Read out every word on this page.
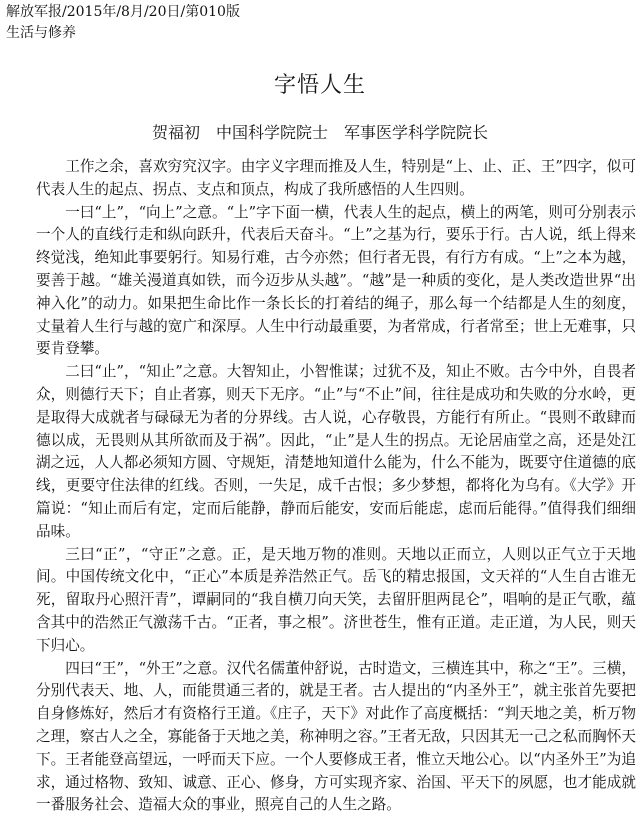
解放军报/2015年/8月/20日/第010版
生活与修养
字悟人生
贺福初　中国科学院院士　军事医学科学院院长

工作之余，喜欢穷究汉字。由字义字理而推及人生，特别是“上、止、正、王”四字，似可代表人生的起点、拐点、支点和顶点，构成了我所感悟的人生四则。

一曰“上”，“向上”之意。“上”字下面一横，代表人生的起点，横上的两笔，则可分别表示一个人的直线行走和纵向跃升，代表后天奋斗。“上”之基为行，要乐于行。古人说，纸上得来终觉浅，绝知此事要躬行。知易行难，古今亦然；但行者无畏，有行方有成。“上”之本为越，要善于越。“雄关漫道真如铁，而今迈步从头越”。“越”是一种质的变化，是人类改造世界“出神入化”的动力。如果把生命比作一条长长的打着结的绳子，那么每一个结都是人生的刻度，丈量着人生行与越的宽广和深厚。人生中行动最重要，为者常成，行者常至；世上无难事，只要肯登攀。

二曰“止”，“知止”之意。大智知止，小智惟谋；过犹不及，知止不败。古今中外，自畏者众，则德行天下；自止者寡，则天下无序。“止”与“不止”间，往往是成功和失败的分水岭，更是取得大成就者与碌碌无为者的分界线。古人说，心存敬畏，方能行有所止。“畏则不敢肆而德以成，无畏则从其所欲而及于祸”。因此，“止”是人生的拐点。无论居庙堂之高，还是处江湖之远，人人都必须知方圆、守规矩，清楚地知道什么能为，什么不能为，既要守住道德的底线，更要守住法律的红线。否则，一失足，成千古恨；多少梦想，都将化为乌有。《大学》开篇说：“知止而后有定，定而后能静，静而后能安，安而后能虑，虑而后能得。”值得我们细细品味。

三曰“正”，“守正”之意。正，是天地万物的准则。天地以正而立，人则以正气立于天地间。中国传统文化中，“正心”本质是养浩然正气。岳飞的精忠报国，文天祥的“人生自古谁无死，留取丹心照汗青”，谭嗣同的“我自横刀向天笑，去留肝胆两昆仑”，唱响的是正气歌，蕴含其中的浩然正气激荡千古。“正者，事之根”。济世苍生，惟有正道。走正道，为人民，则天下归心。

四曰“王”，“外王”之意。汉代名儒董仲舒说，古时造文，三横连其中，称之“王”。三横，分别代表天、地、人，而能贯通三者的，就是王者。古人提出的“内圣外王”，就主张首先要把自身修炼好，然后才有资格行王道。《庄子，天下》对此作了高度概括：“判天地之美，析万物之理，察古人之全，寡能备于天地之美，称神明之容。”王者无敌，只因其无一己之私而胸怀天下。王者能登高望远，一呼而天下应。一个人要修成王者，惟立天地公心。以“内圣外王”为追求，通过格物、致知、诚意、正心、修身，方可实现齐家、治国、平天下的夙愿，也才能成就一番服务社会、造福大众的事业，照亮自己的人生之路。
